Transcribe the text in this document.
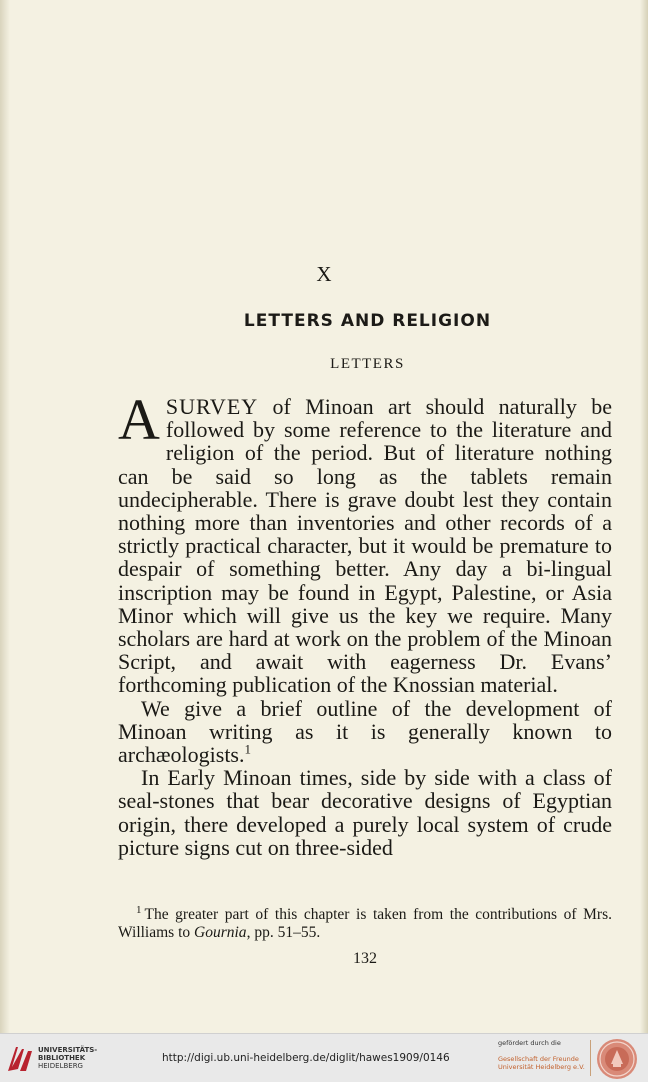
X
LETTERS AND RELIGION
LETTERS

ASURVEY of Minoan art should naturally be followed by some reference to the literature and religion of the period. But of literature nothing can be said so long as the tablets remain undecipherable. There is grave doubt lest they contain nothing more than inventories and other records of a strictly practical character, but it would be premature to despair of something better. Any day a bi-lingual inscription may be found in Egypt, Palestine, or Asia Minor which will give us the key we require. Many scholars are hard at work on the problem of the Minoan Script, and await with eagerness Dr. Evans’ forthcoming publication of the Knossian material.

We give a brief outline of the development of Minoan writing as it is generally known to archæologists.$^1$

In Early Minoan times, side by side with a class of seal-stones that bear decorative designs of Egyptian origin, there developed a purely local system of crude picture signs cut on three-sided

$^1$ The greater part of this chapter is taken from the contributions of Mrs. Williams to Gournia, pp. 51–55.
132
UNIVERSITÄTS-
BIBLIOTHEK
HEIDELBERG
http://digi.ub.uni-heidelberg.de/diglit/hawes1909/0146
gefördert durch die
Gesellschaft der Freunde
Universität Heidelberg e.V.
